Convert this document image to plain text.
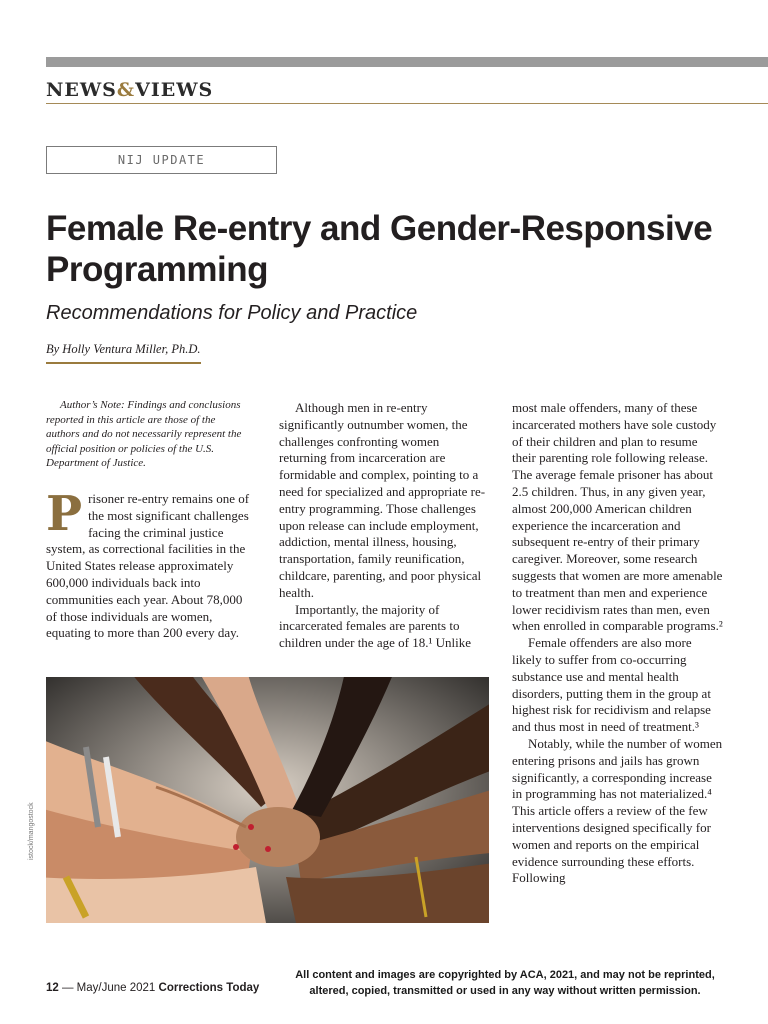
NEWS&VIEWS
NIJ UPDATE
Female Re-entry and Gender-Responsive Programming
Recommendations for Policy and Practice
By Holly Ventura Miller, Ph.D.

Author’s Note: Findings and conclusions reported in this article are those of the authors and do not necessarily represent the official position or policies of the U.S. Department of Justice.

Prisoner re-entry remains one of the most significant challenges facing the criminal justice system, as correctional facilities in the United States release approximately 600,000 individuals back into communities each year. About 78,000 of those individuals are women, equating to more than 200 every day.

Although men in re-entry significantly outnumber women, the challenges confronting women returning from incarceration are formidable and complex, pointing to a need for specialized and appropriate re-entry programming. Those challenges upon release can include employment, addiction, mental illness, housing, transportation, family reunification, childcare, parenting, and poor physical health.

Importantly, the majority of incarcerated females are parents to children under the age of 18.¹ Unlike

most male offenders, many of these incarcerated mothers have sole custody of their children and plan to resume their parenting role following release. The average female prisoner has about 2.5 children. Thus, in any given year, almost 200,000 American children experience the incarceration and subsequent re-entry of their primary caregiver. Moreover, some research suggests that women are more amenable to treatment than men and experience lower recidivism rates than men, even when enrolled in comparable programs.²

Female offenders are also more likely to suffer from co-occurring substance use and mental health disorders, putting them in the group at highest risk for recidivism and relapse and thus most in need of treatment.³

Notably, while the number of women entering prisons and jails has grown significantly, a corresponding increase in programming has not materialized.⁴ This article offers a review of the few interventions designed specifically for women and reports on the empirical evidence surrounding these efforts. Following

istock/mangostock
12 — May/June 2021 Corrections Today
All content and images are copyrighted by ACA, 2021, and may not be reprinted, altered, copied, transmitted or used in any way without written permission.
